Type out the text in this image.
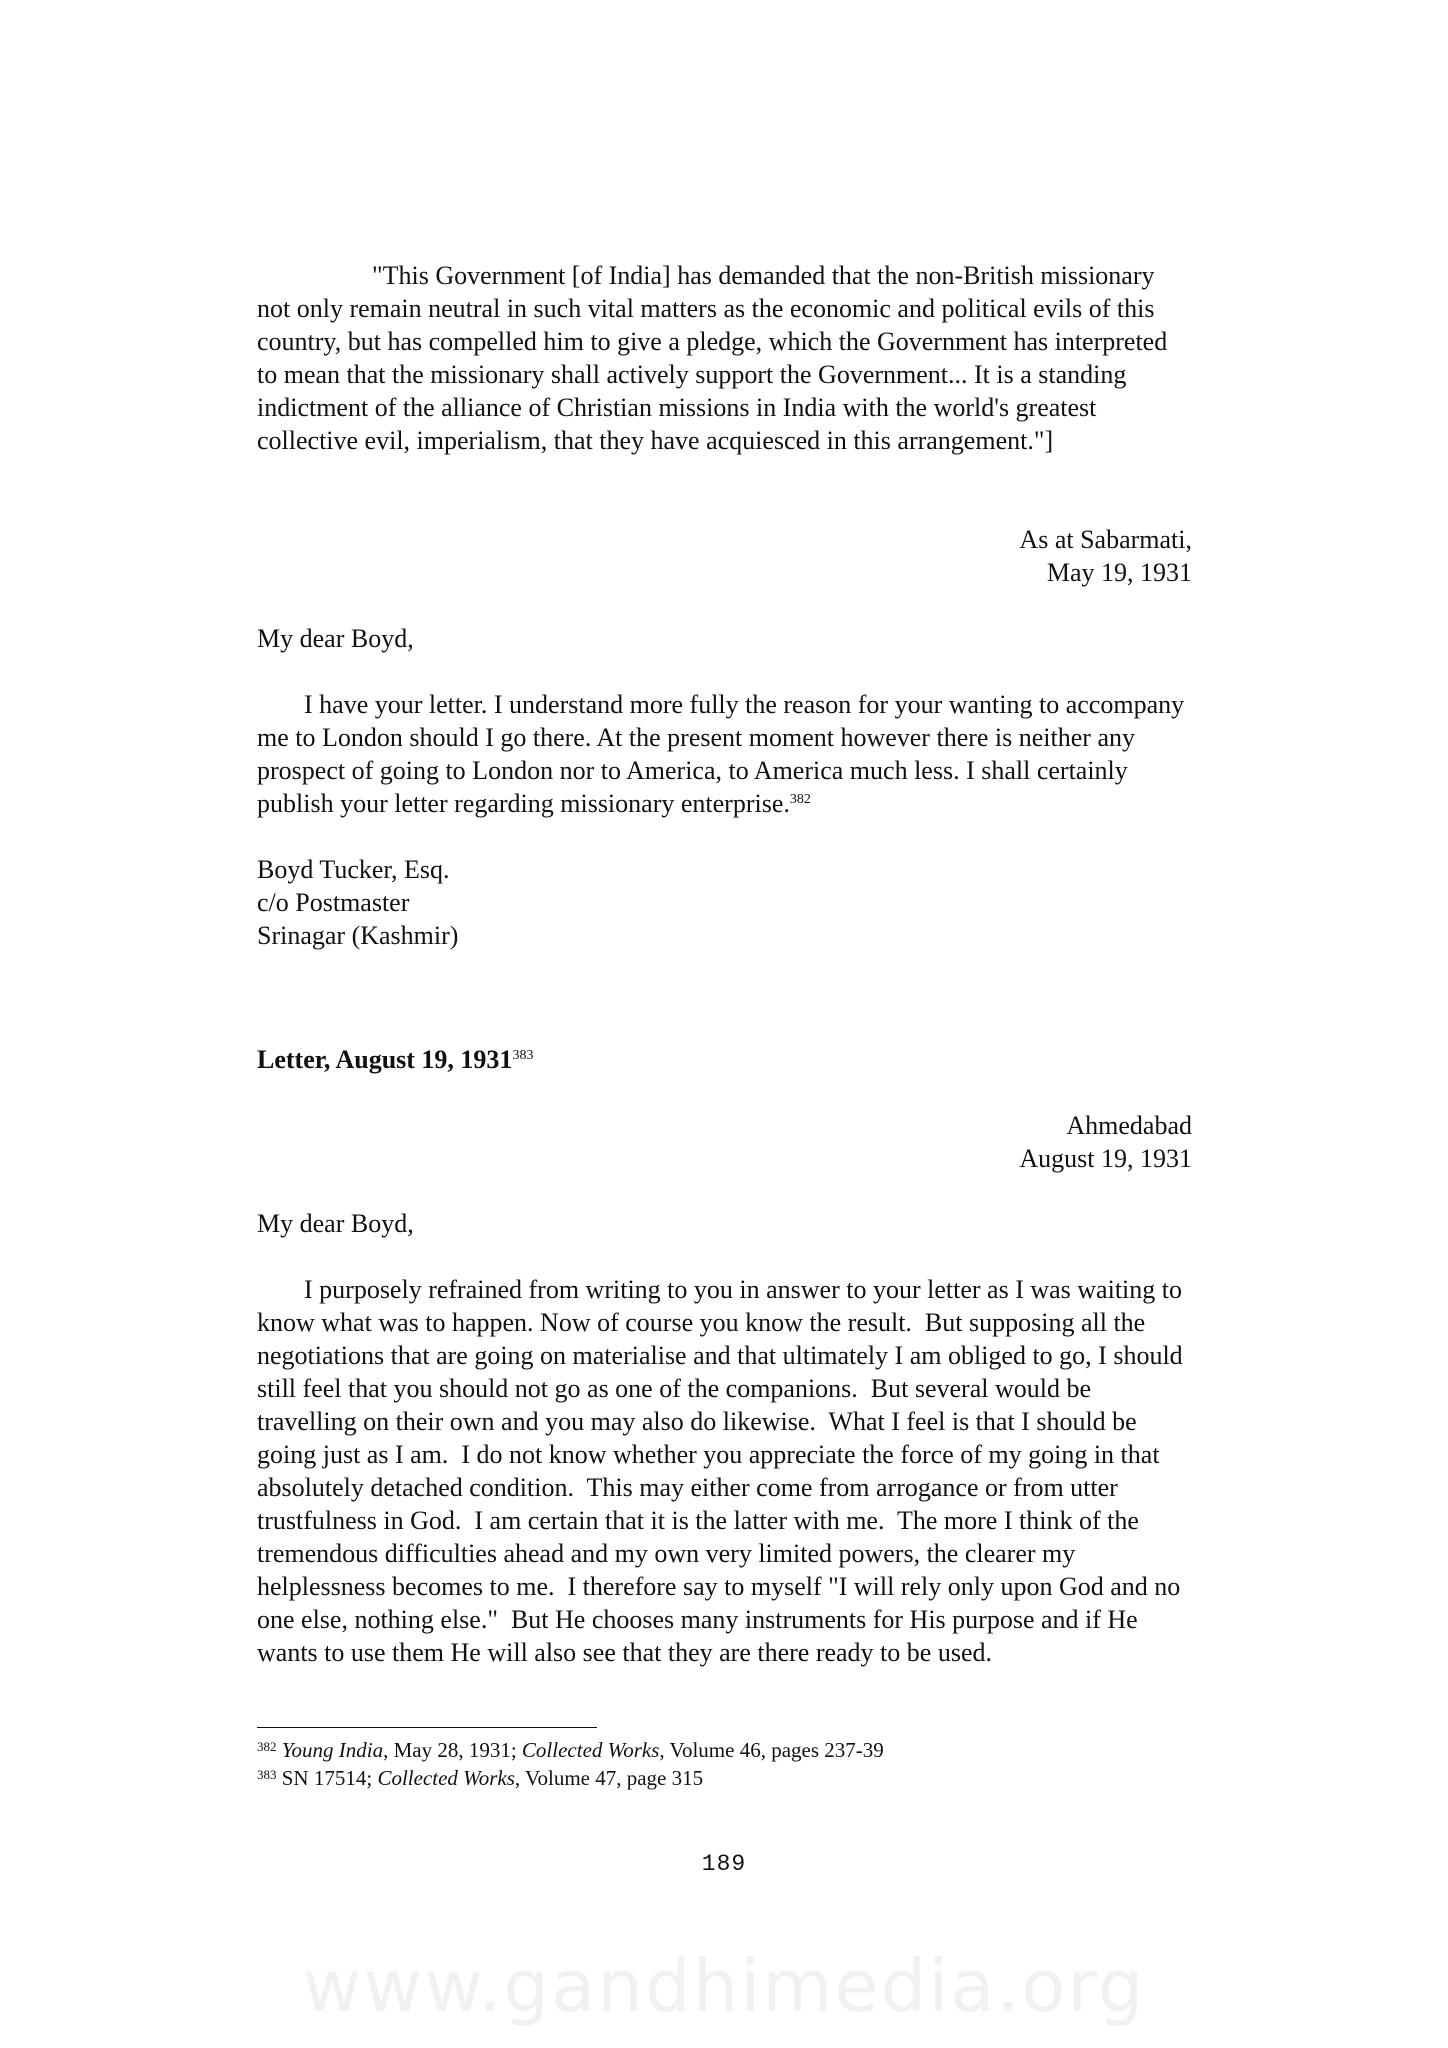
"This Government [of India] has demanded that the non-British missionary not only remain neutral in such vital matters as the economic and political evils of this country, but has compelled him to give a pledge, which the Government has interpreted to mean that the missionary shall actively support the Government... It is a standing indictment of the alliance of Christian missions in India with the world's greatest collective evil, imperialism, that they have acquiesced in this arrangement."]

As at Sabarmati,

May 19, 1931

My dear Boyd,

I have your letter. I understand more fully the reason for your wanting to accompany me to London should I go there. At the present moment however there is neither any prospect of going to London nor to America, to America much less. I shall certainly publish your letter regarding missionary enterprise.$^{382}$

Boyd Tucker, Esq.

c/o Postmaster

Srinagar (Kashmir)

Letter, August 19, 1931$^{383}$

Ahmedabad

August 19, 1931

My dear Boyd,

I purposely refrained from writing to you in answer to your letter as I was waiting to know what was to happen. Now of course you know the result.  But supposing all the negotiations that are going on materialise and that ultimately I am obliged to go, I should still feel that you should not go as one of the companions.  But several would be travelling on their own and you may also do likewise.  What I feel is that I should be going just as I am.  I do not know whether you appreciate the force of my going in that absolutely detached condition.  This may either come from arrogance or from utter trustfulness in God.  I am certain that it is the latter with me.  The more I think of the tremendous difficulties ahead and my own very limited powers, the clearer my helplessness becomes to me.  I therefore say to myself "I will rely only upon God and no one else, nothing else."  But He chooses many instruments for His purpose and if He wants to use them He will also see that they are there ready to be used.

$^{382}$ Young India, May 28, 1931; Collected Works, Volume 46, pages 237-39

$^{383}$ SN 17514; Collected Works, Volume 47, page 315

189
www.gandhimedia.org
